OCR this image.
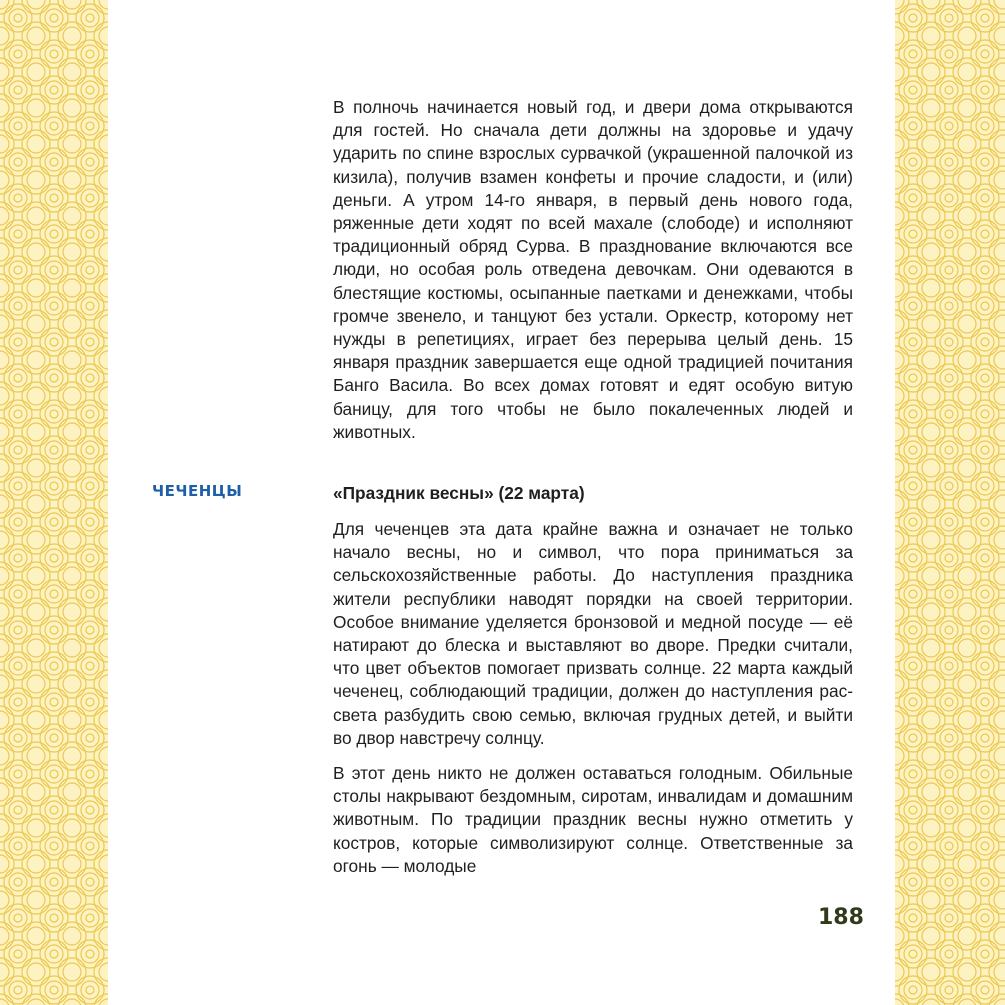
В полночь начинается новый год, и двери дома открываются для гостей. Но сначала дети должны на здоровье и удачу ударить по спине взрослых сурвачкой (украшенной палочкой из кизила), получив взамен конфеты и прочие сладости, и (или) деньги. А утром 14-го января, в первый день нового года, ряженные дети ходят по всей махале (слободе) и исполняют традиционный обряд Сурва. В празднование включаются все люди, но особая роль отведена девочкам. Они одеваются в блестящие костюмы, осыпанные паетками и денежками, чтобы громче звенело, и танцуют без устали. Оркестр, которому нет нужды в репетициях, играет без перерыва целый день. 15 января праздник завершается еще одной традицией почитания Банго Васила. Во всех домах готовят и едят особую витую баницу, для того чтобы не было покалеченных людей и животных.

ЧЕЧЕНЦЫ	«Праздник весны» (22 марта)

Для чеченцев эта дата крайне важна и означает не только начало весны, но и символ, что пора приниматься за сельскохозяйственные работы. До наступления праздника жители республики наводят порядки на своей территории. Особое внимание уделяется бронзовой и медной посуде — её натирают до блеска и выставляют во дворе. Предки считали, что цвет объектов помогает призвать солнце. 22 марта каждый чеченец, соблюдающий традиции, должен до наступления рассвета разбудить свою семью, включая грудных детей, и выйти во двор навстречу солнцу.

В этот день никто не должен оставаться голодным. Обильные столы накрывают бездомным, сиротам, инвалидам и домашним животным. По традиции праздник весны нужно отметить у костров, которые символизируют солнце. Ответственные за огонь — молодые

188
